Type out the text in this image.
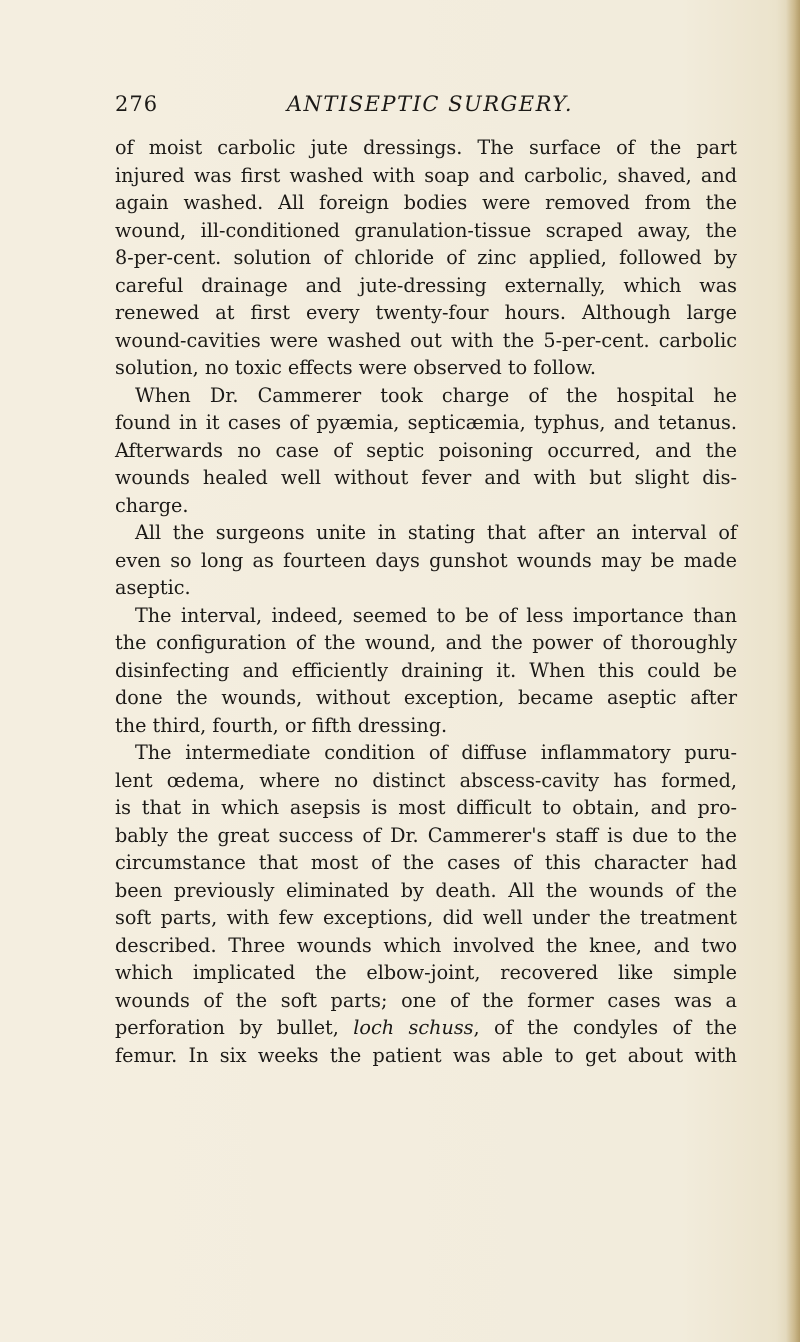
ANTISEPTIC SURGERY.
276
of moist carbolic jute dressings. The surface of the part
injured was first washed with soap and carbolic, shaved, and
again washed. All foreign bodies were removed from the
wound, ill-conditioned granulation-tissue scraped away, the
8-per-cent. solution of chloride of zinc applied, followed by
careful drainage and jute-dressing externally, which was
renewed at first every twenty-four hours. Although large
wound-cavities were washed out with the 5-per-cent. carbolic
solution, no toxic effects were observed to follow.
When Dr. Cammerer took charge of the hospital he
found in it cases of pyæmia, septicæmia, typhus, and tetanus.
Afterwards no case of septic poisoning occurred, and the
wounds healed well without fever and with but slight dis-
charge.
All the surgeons unite in stating that after an interval of
even so long as fourteen days gunshot wounds may be made
aseptic.
The interval, indeed, seemed to be of less importance than
the configuration of the wound, and the power of thoroughly
disinfecting and efficiently draining it. When this could be
done the wounds, without exception, became aseptic after
the third, fourth, or fifth dressing.
The intermediate condition of diffuse inflammatory puru-
lent œdema, where no distinct abscess-cavity has formed,
is that in which asepsis is most difficult to obtain, and pro-
bably the great success of Dr. Cammerer's staff is due to the
circumstance that most of the cases of this character had
been previously eliminated by death. All the wounds of the
soft parts, with few exceptions, did well under the treatment
described. Three wounds which involved the knee, and two
which implicated the elbow-joint, recovered like simple
wounds of the soft parts; one of the former cases was a
perforation by bullet, loch schuss, of the condyles of the
femur. In six weeks the patient was able to get about with
